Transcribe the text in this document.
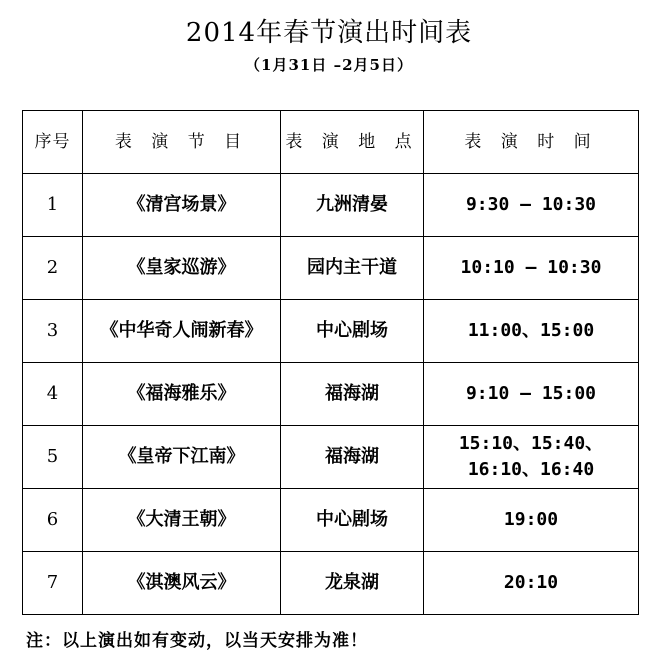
2014年春节演出时间表
（1月31日 –2月5日）
序号	表 演 节 目	表 演 地 点	表 演 时 间
1	《清宫场景》	九洲清晏	9:30 – 10:30
2	《皇家巡游》	园内主干道	10:10 – 10:30
3	《中华奇人闹新春》	中心剧场	11:00、15:00
4	《福海雅乐》	福海湖	9:10 – 15:00
5	《皇帝下江南》	福海湖	15:10、15:40、
16:10、16:40
6	《大清王朝》	中心剧场	19:00
7	《淇澳风云》	龙泉湖	20:10
注：以上演出如有变动，以当天安排为准！
